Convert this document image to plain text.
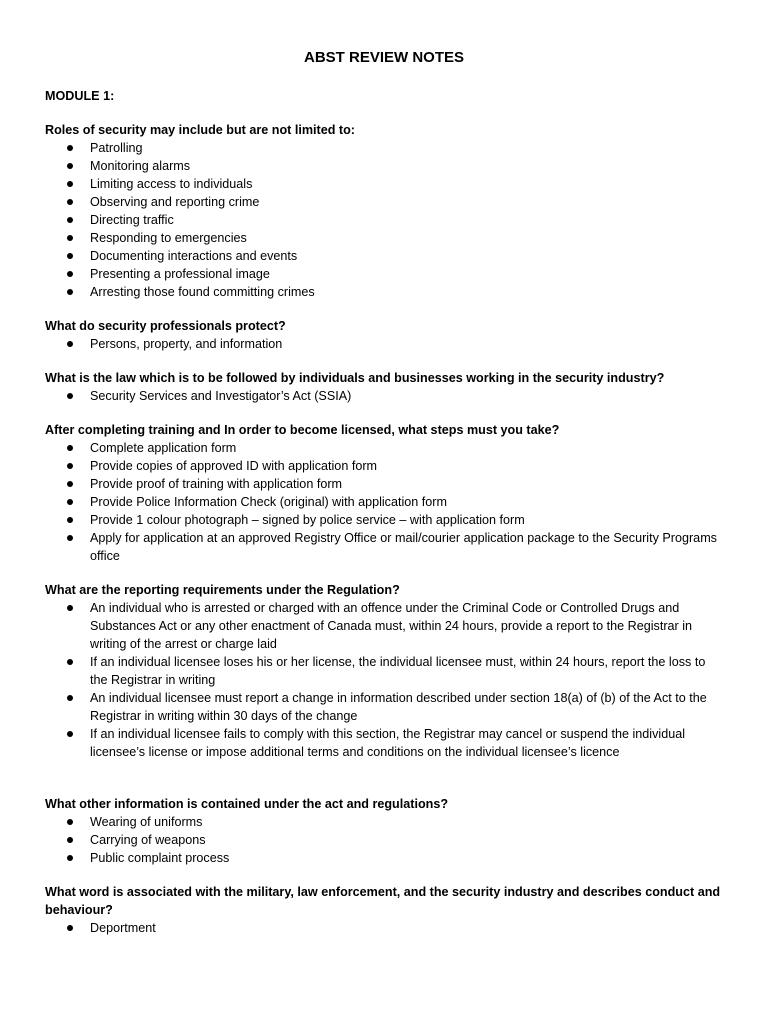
ABST REVIEW NOTES
MODULE 1:

Roles of security may include but are not limited to:

Patrolling
Monitoring alarms
Limiting access to individuals
Observing and reporting crime
Directing traffic
Responding to emergencies
Documenting interactions and events
Presenting a professional image
Arresting those found committing crimes

What do security professionals protect?

Persons, property, and information

What is the law which is to be followed by individuals and businesses working in the security industry?

Security Services and Investigator’s Act (SSIA)

After completing training and In order to become licensed, what steps must you take?

Complete application form
Provide copies of approved ID with application form
Provide proof of training with application form
Provide Police Information Check (original) with application form
Provide 1 colour photograph – signed by police service – with application form
Apply for application at an approved Registry Office or mail/courier application package to the Security Programs office

What are the reporting requirements under the Regulation?

An individual who is arrested or charged with an offence under the Criminal Code or Controlled Drugs and Substances Act or any other enactment of Canada must, within 24 hours, provide a report to the Registrar in writing of the arrest or charge laid
If an individual licensee loses his or her license, the individual licensee must, within 24 hours, report the loss to the Registrar in writing
An individual licensee must report a change in information described under section 18(a) of (b) of the Act to the Registrar in writing within 30 days of the change
If an individual licensee fails to comply with this section, the Registrar may cancel or suspend the individual licensee’s license or impose additional terms and conditions on the individual licensee’s licence

What other information is contained under the act and regulations?

Wearing of uniforms
Carrying of weapons
Public complaint process

What word is associated with the military, law enforcement, and the security industry and describes conduct and behaviour?

Deportment
